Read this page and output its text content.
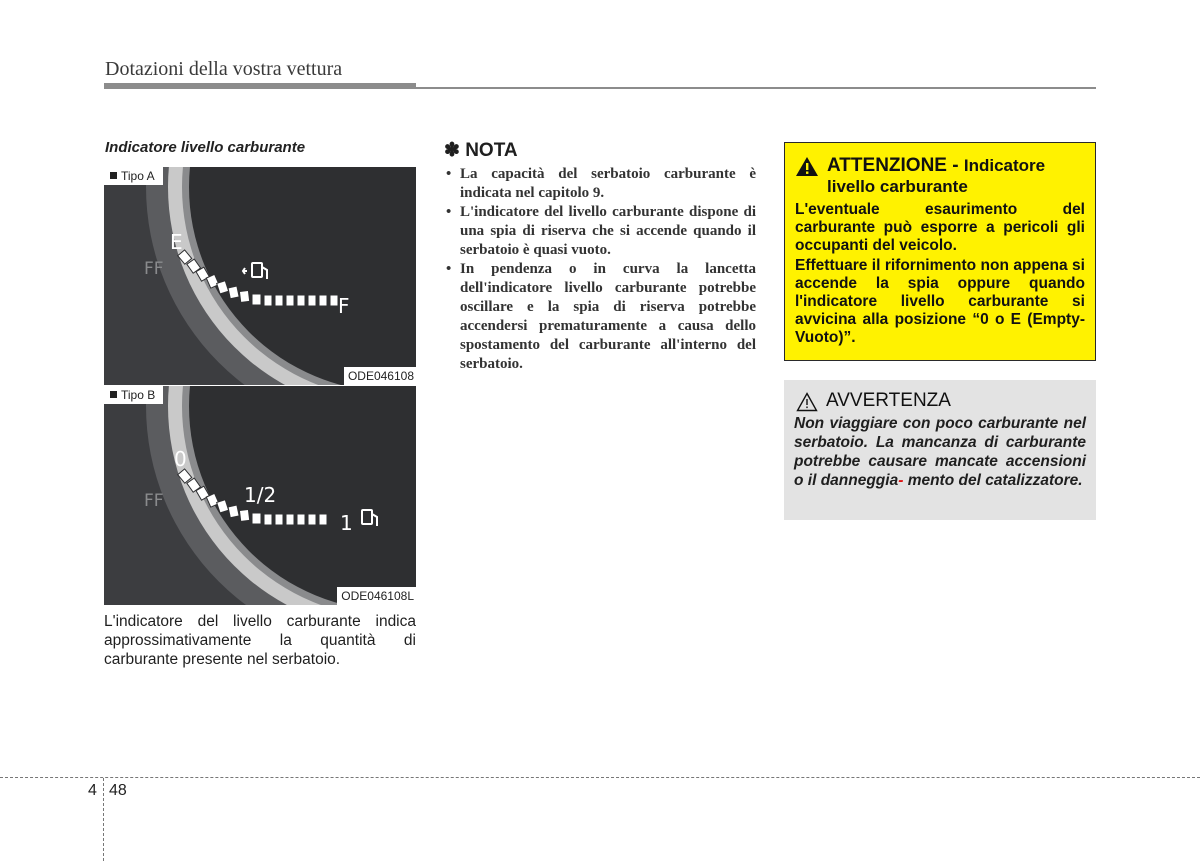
Dotazioni della vostra vettura
Indicatore livello carburante
FF
E
F
Tipo A
ODE046108
FF
0
1/2
1
Tipo B
ODE046108L
L'indicatore del livello carburante indica approssimativamente la quantità di carburante presente nel serbatoio.
✽ NOTA
• La capacità del serbatoio carburante è indicata nel capitolo 9.
• L'indicatore del livello carburante dispone di una spia di riserva che si accende quando il serbatoio è quasi vuoto.
• In pendenza o in curva la lancetta dell'indicatore livello carburante potrebbe oscillare e la spia di riserva potrebbe accendersi prematuramente a causa dello spostamento del carburante all'interno del serbatoio.
ATTENZIONE - Indicatore livello carburante
L'eventuale esaurimento del carburante può esporre a pericoli gli occupanti del veicolo.
Effettuare il rifornimento non appena si accende la spia oppure quando l'indicatore livello carburante si avvicina alla posizione “0 o E (Empty-Vuoto)”.
AVVERTENZA
Non viaggiare con poco carburante nel serbatoio. La mancanza di carburante potrebbe causare mancate accensioni o il danneggia- mento del catalizzatore.
4 48
